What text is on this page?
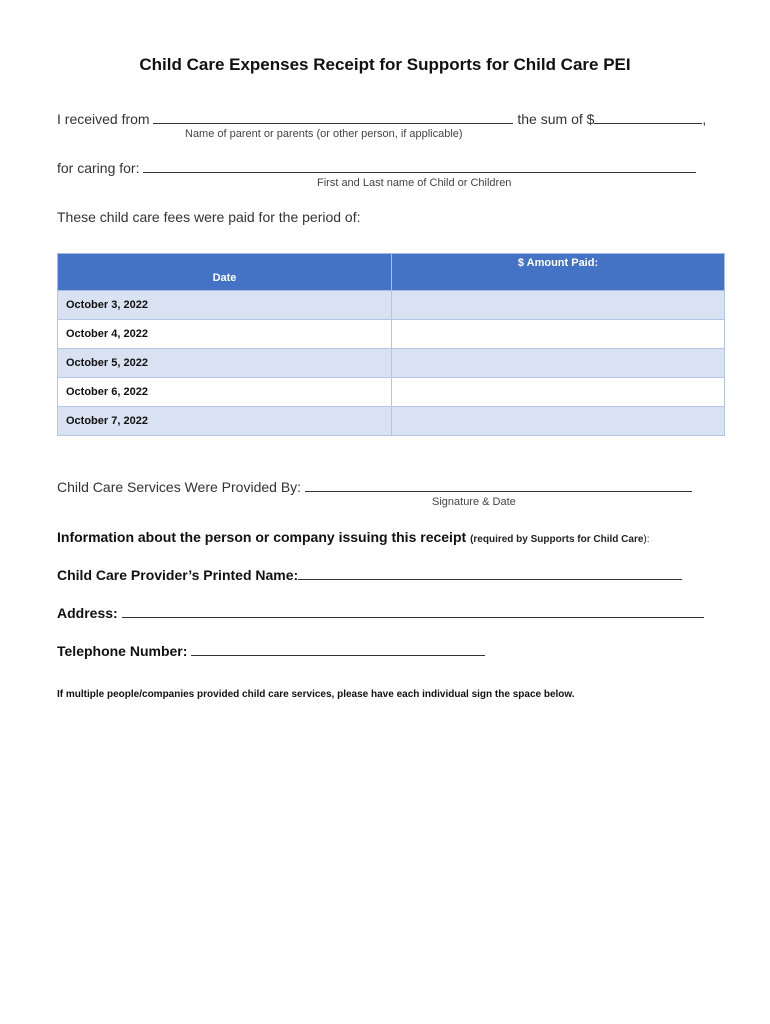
Child Care Expenses Receipt for Supports for Child Care PEI
I received from	the sum of $	,
Name of parent or parents (or other person, if applicable)
for caring for:
First and Last name of Child or Children
These child care fees were paid for the period of:
Date	$ Amount Paid:
October 3, 2022	
October 4, 2022	
October 5, 2022	
October 6, 2022	
October 7, 2022	
Child Care Services Were Provided By:
Signature & Date
Information about the person or company issuing this receipt (required by Supports for Child Care):
Child Care Provider’s Printed Name:
Address:
Telephone Number:
If multiple people/companies provided child care services, please have each individual sign the space below.
